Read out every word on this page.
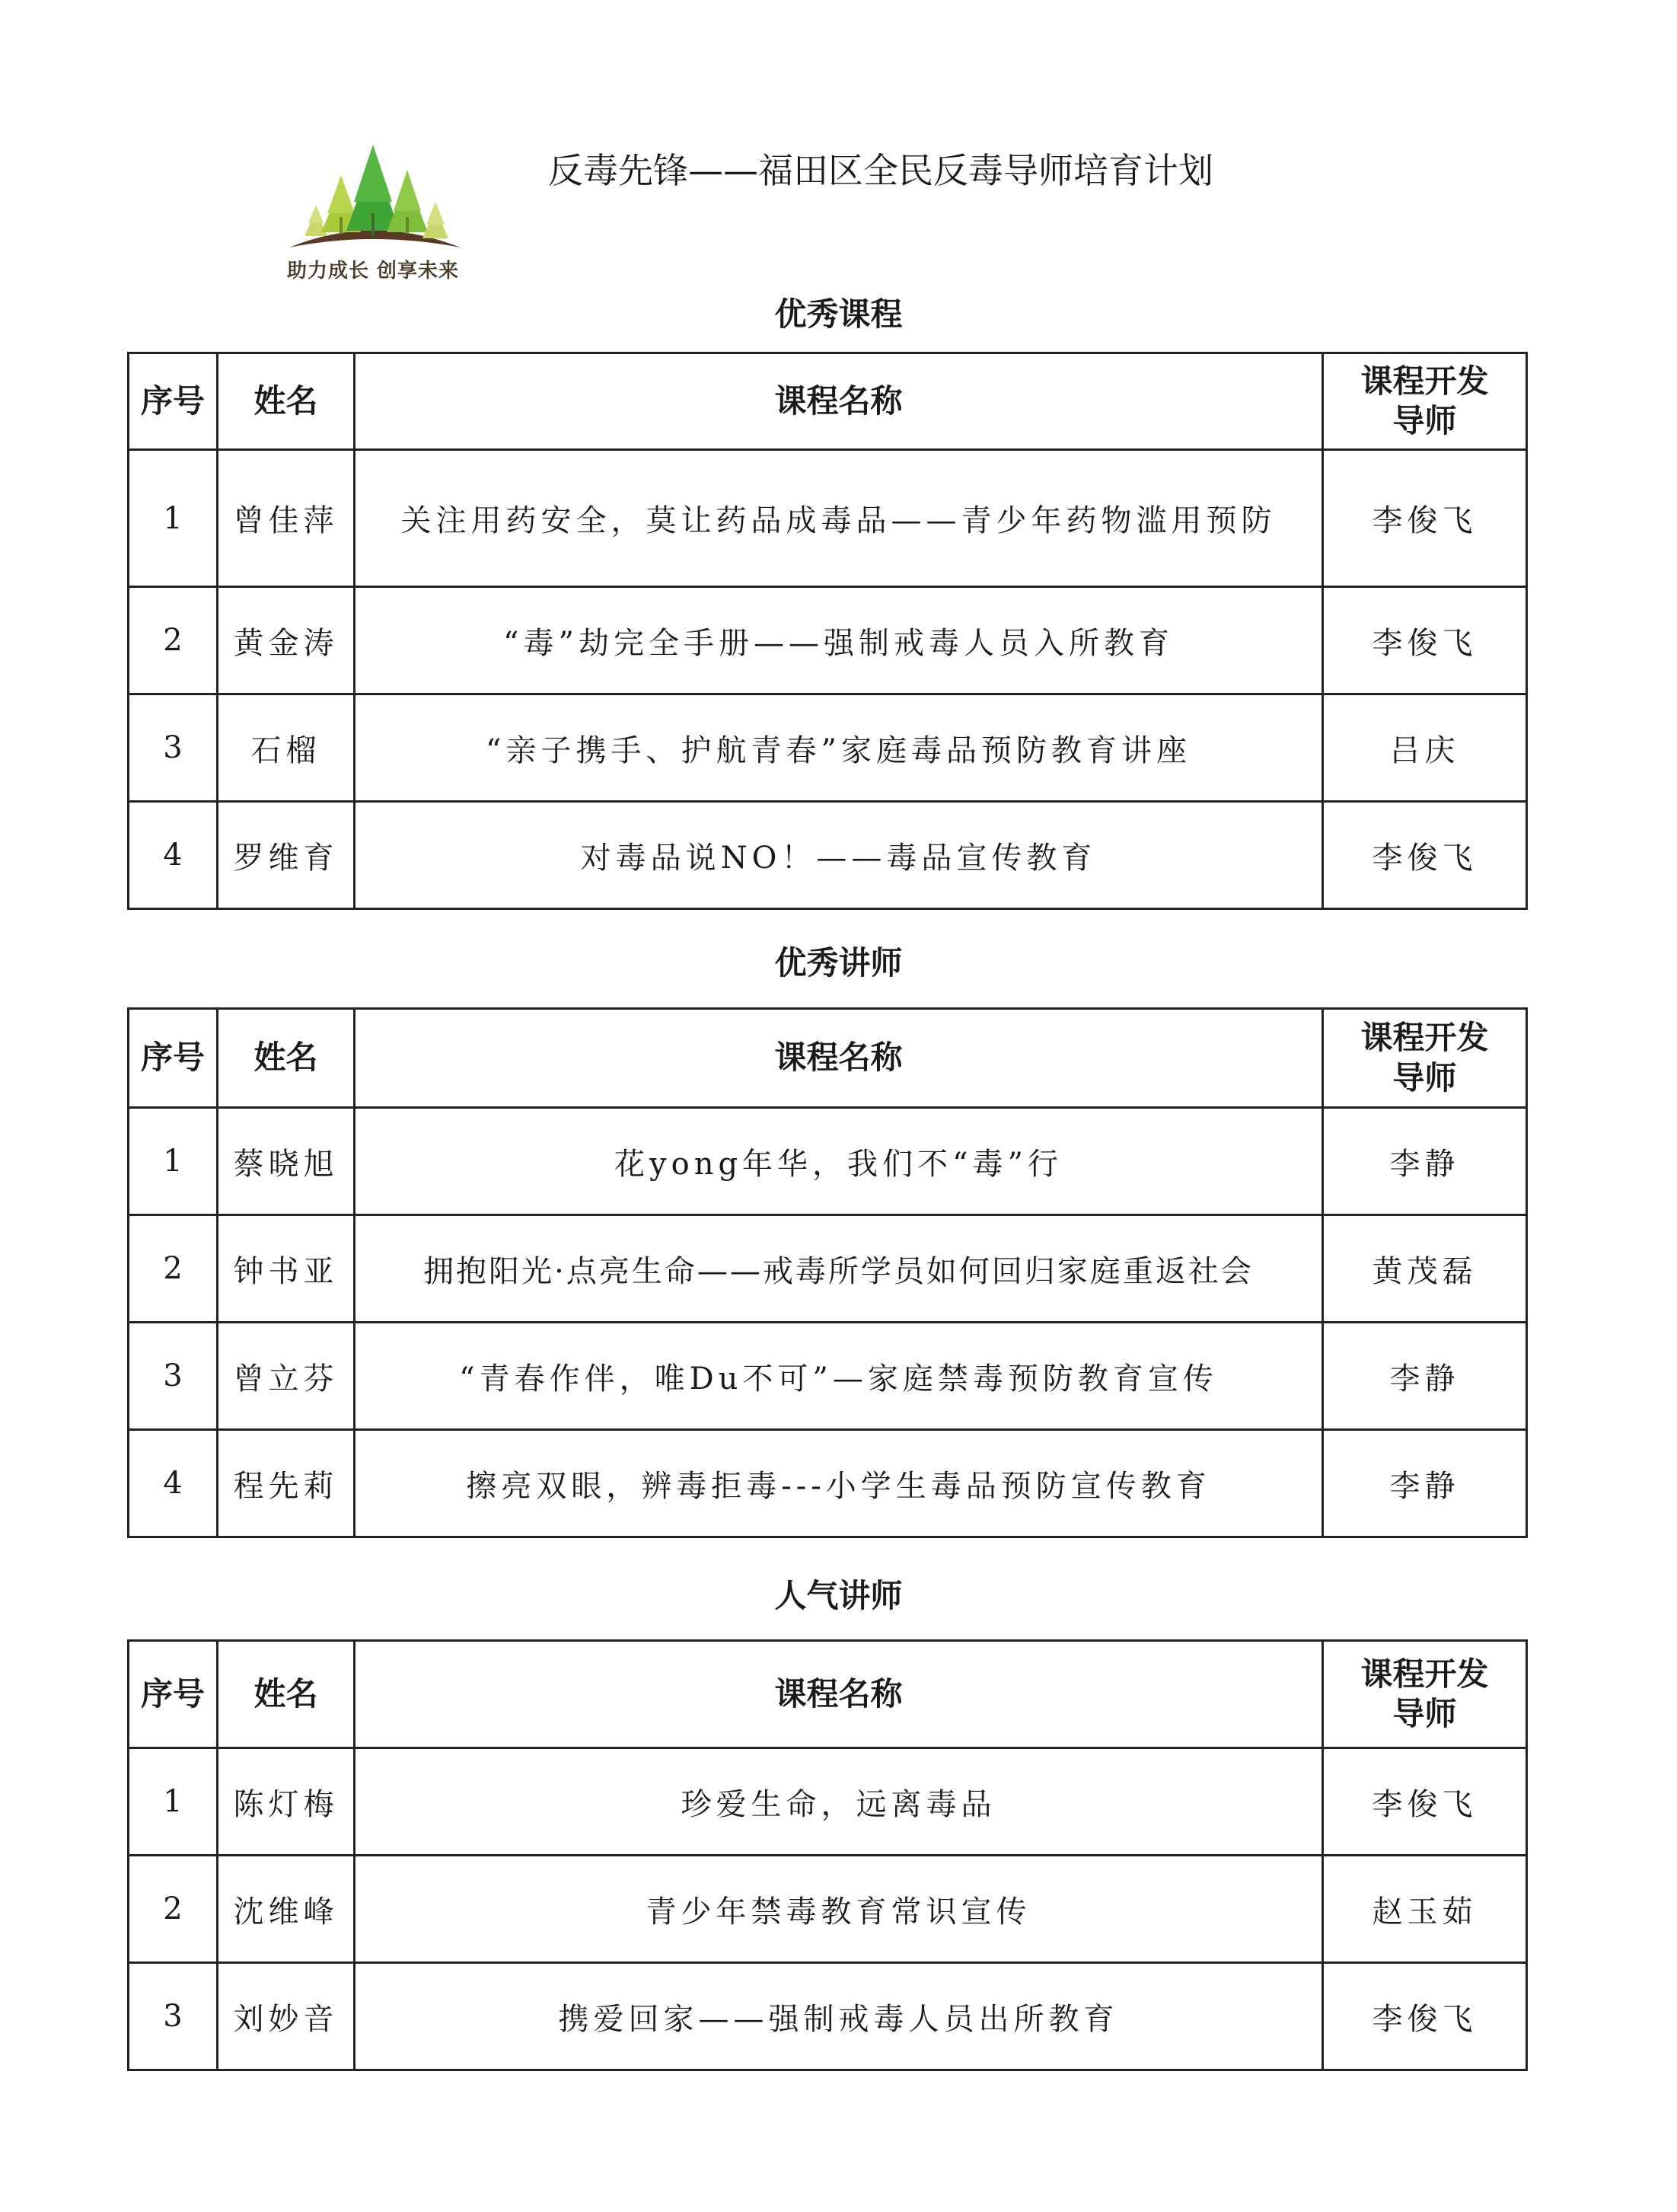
助力成长 创享未来
反毒先锋——福田区全民反毒导师培育计划
优秀课程
序号	姓名	课程名称	课程开发
导师
1	曾佳萍	关注用药安全，莫让药品成毒品——青少年药物滥用预防	李俊飞
2	黄金涛	“毒”劫完全手册——强制戒毒人员入所教育	李俊飞
3	石榴	“亲子携手、护航青春”家庭毒品预防教育讲座	吕庆
4	罗维育	对毒品说NO！——毒品宣传教育	李俊飞
优秀讲师
序号	姓名	课程名称	课程开发
导师
1	蔡晓旭	花yong年华，我们不“毒”行	李静
2	钟书亚	拥抱阳光·点亮生命——戒毒所学员如何回归家庭重返社会	黄茂磊
3	曾立芬	“青春作伴，唯Du不可”—家庭禁毒预防教育宣传	李静
4	程先莉	擦亮双眼，辨毒拒毒---小学生毒品预防宣传教育	李静
人气讲师
序号	姓名	课程名称	课程开发
导师
1	陈灯梅	珍爱生命，远离毒品	李俊飞
2	沈维峰	青少年禁毒教育常识宣传	赵玉茹
3	刘妙音	携爱回家——强制戒毒人员出所教育	李俊飞
